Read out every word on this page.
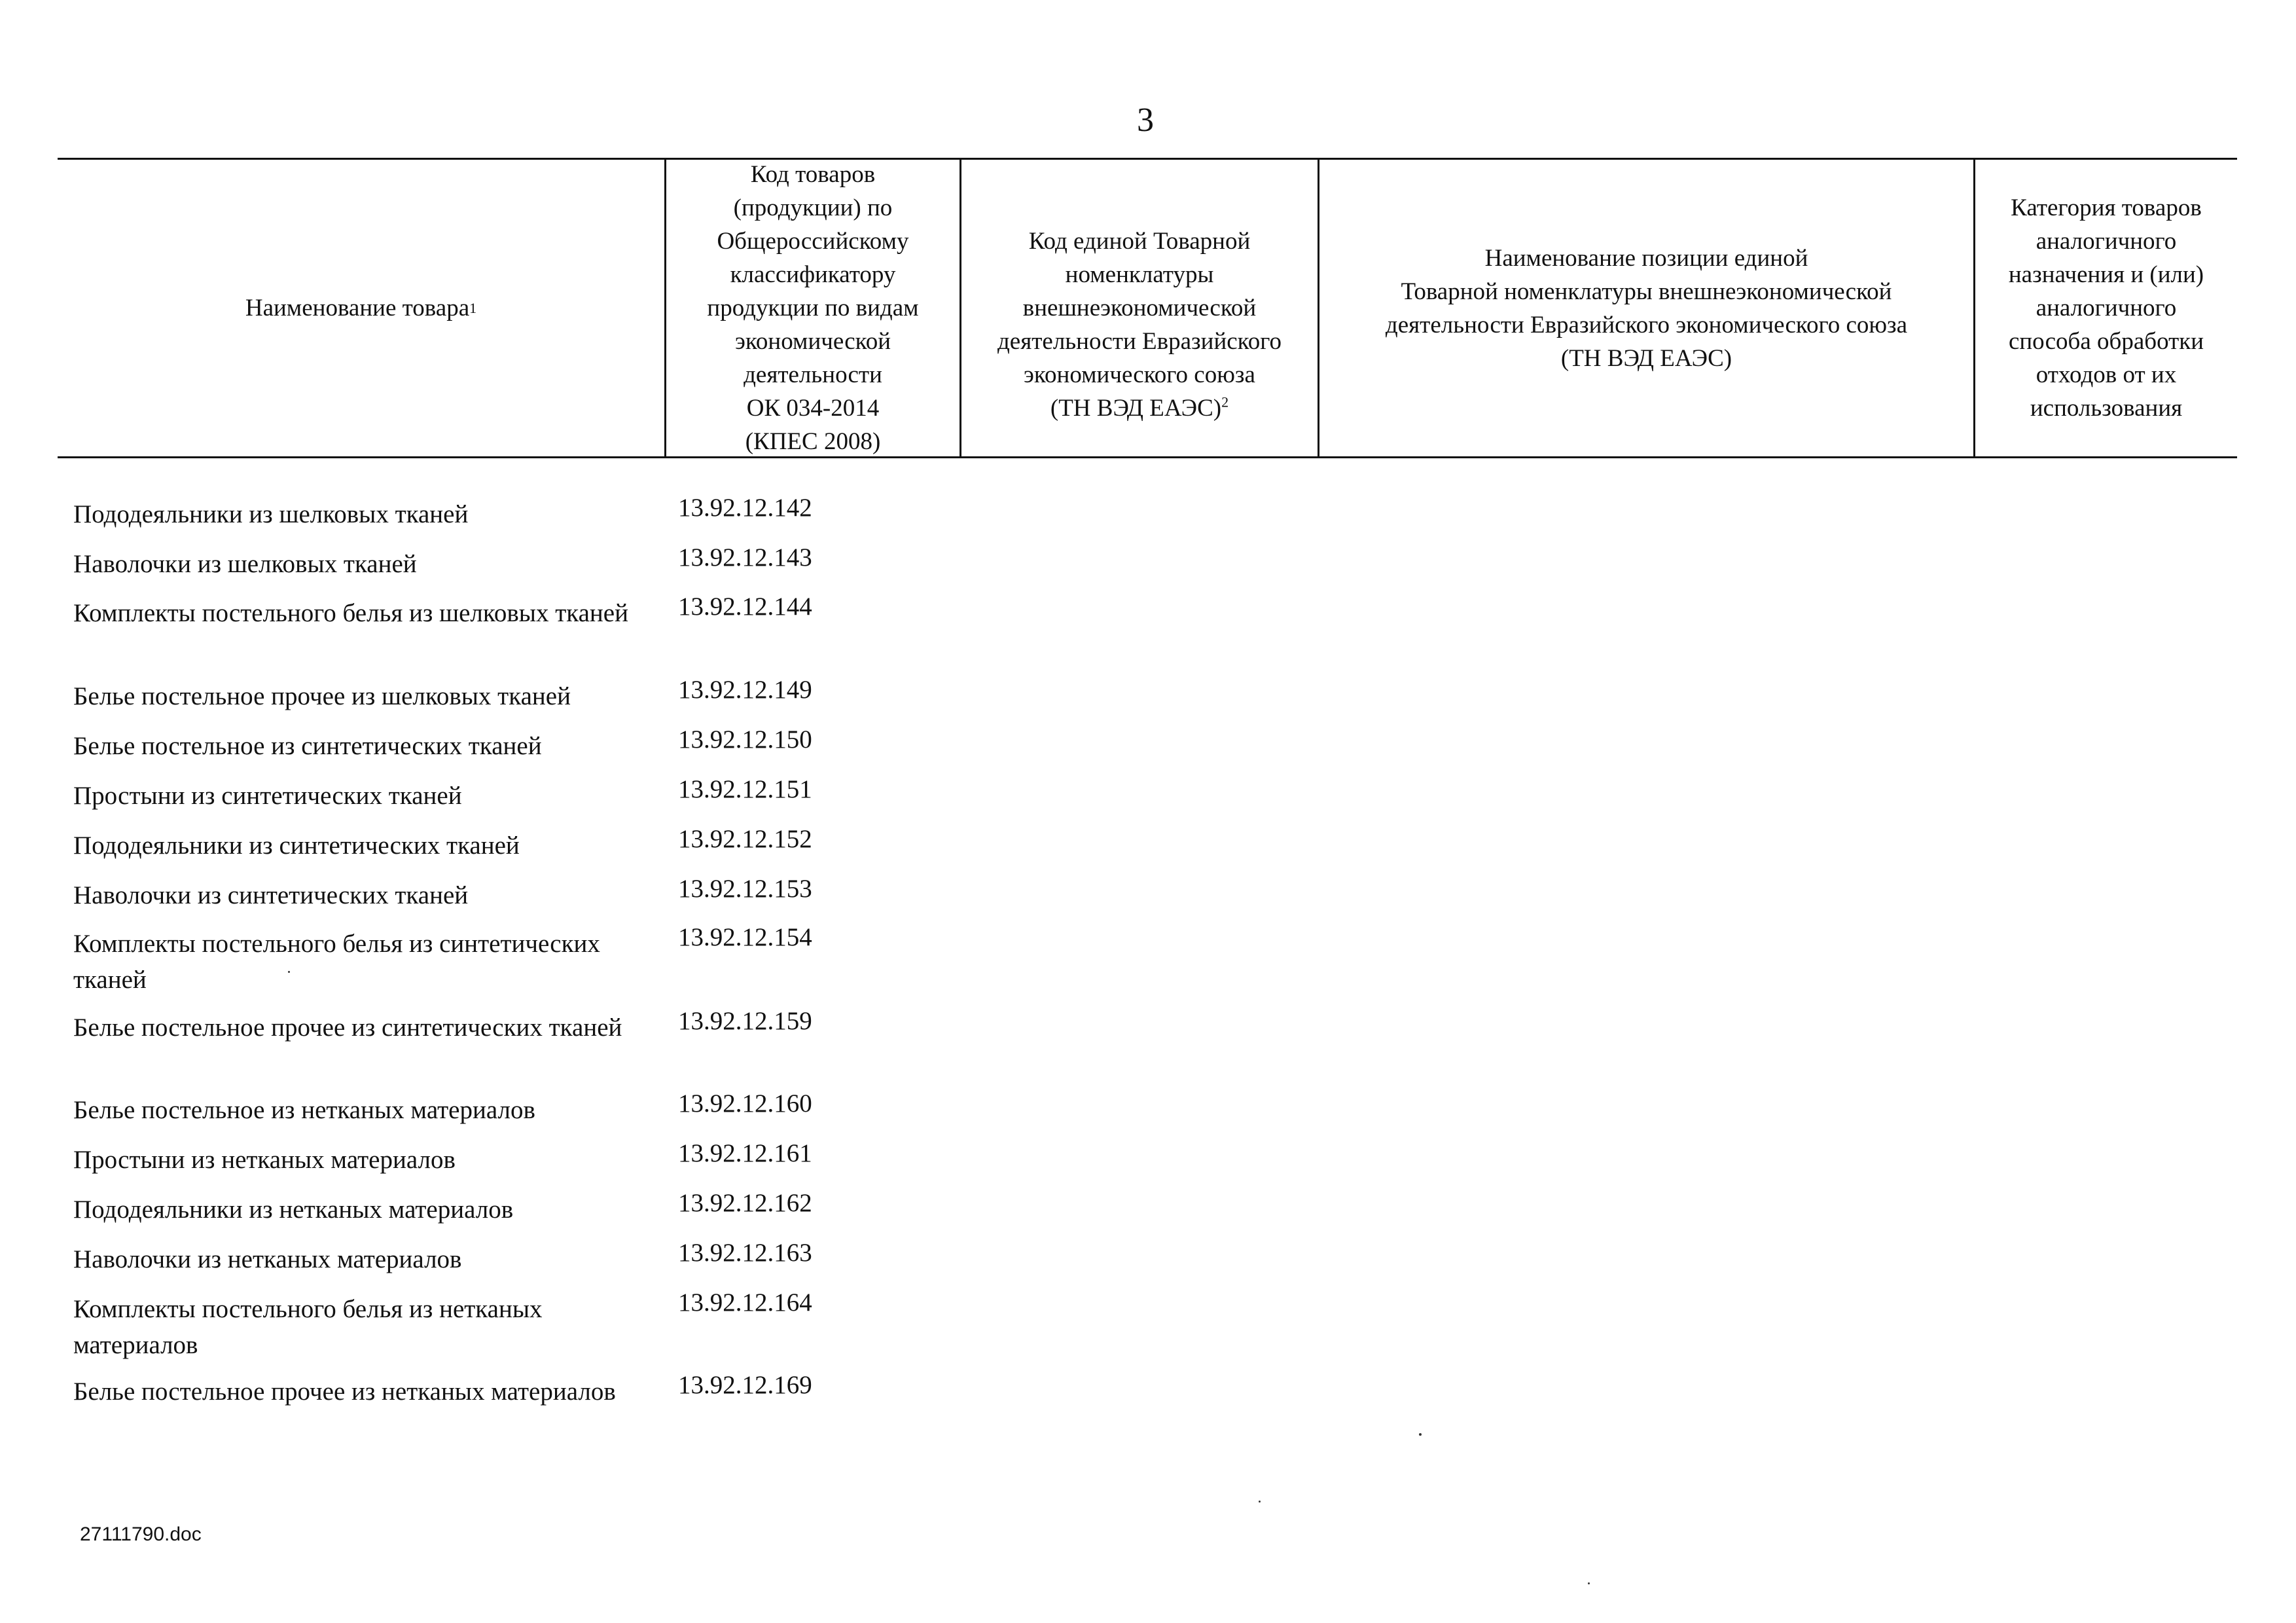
3
Наименование товара 1
Код товаров
(продукции) по
Общероссийскому
классификатору
продукции по видам
экономической
деятельности
ОК 034-2014
(КПЕС 2008)

Код единой Товарной
номенклатуры
внешнеэкономической
деятельности Евразийского
экономического союза
(ТН ВЭД ЕАЭС)$^2$

Наименование позиции единой
Товарной номенклатуры внешнеэкономической
деятельности Евразийского экономического союза
(ТН ВЭД ЕАЭС)
Категория товаров
аналогичного
назначения и (или)
аналогичного
способа обработки
отходов от их
использования
Пододеяльники из шелковых тканей	13.92.12.142
Наволочки из шелковых тканей	13.92.12.143
Комплекты постельного белья из шелковых тканей	13.92.12.144
Белье постельное прочее из шелковых тканей	13.92.12.149
Белье постельное из синтетических тканей	13.92.12.150
Простыни из синтетических тканей	13.92.12.151
Пододеяльники из синтетических тканей	13.92.12.152
Наволочки из синтетических тканей	13.92.12.153
Комплекты постельного белья из синтетических тканей
13.92.12.154
Белье постельное прочее из синтетических тканей	13.92.12.159
Белье постельное из нетканых материалов	13.92.12.160
Простыни из нетканых материалов	13.92.12.161
Пододеяльники из нетканых материалов	13.92.12.162
Наволочки из нетканых материалов	13.92.12.163
Комплекты постельного белья из нетканых материалов
13.92.12.164
Белье постельное прочее из нетканых материалов	13.92.12.169
27111790.doc
